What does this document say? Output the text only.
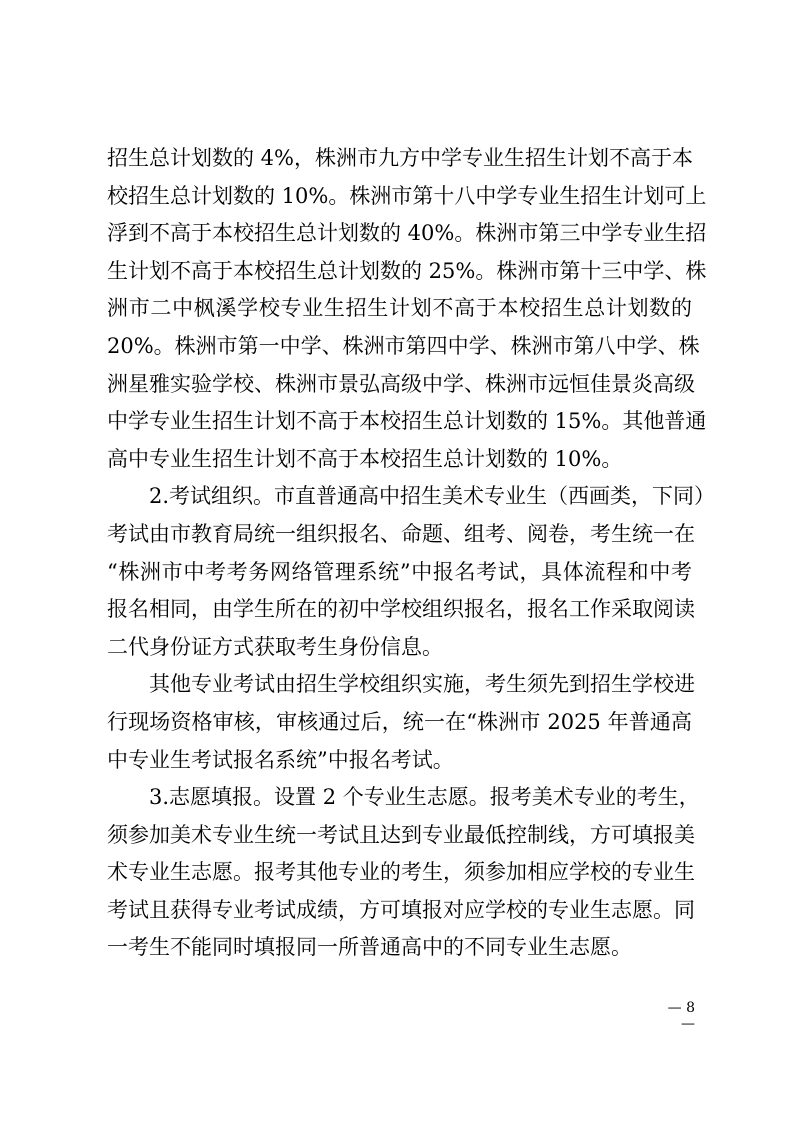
招生总计划数的 4%，株洲市九方中学专业生招生计划不高于本
校招生总计划数的 10%。株洲市第十八中学专业生招生计划可上
浮到不高于本校招生总计划数的 40%。株洲市第三中学专业生招
生计划不高于本校招生总计划数的 25%。株洲市第十三中学、株
洲市二中枫溪学校专业生招生计划不高于本校招生总计划数的
20%。株洲市第一中学、株洲市第四中学、株洲市第八中学、株
洲星雅实验学校、株洲市景弘高级中学、株洲市远恒佳景炎高级
中学专业生招生计划不高于本校招生总计划数的 15%。其他普通
高中专业生招生计划不高于本校招生总计划数的 10%。
　　2.考试组织。市直普通高中招生美术专业生（西画类，下同）
考试由市教育局统一组织报名、命题、组考、阅卷，考生统一在
“株洲市中考考务网络管理系统”中报名考试，具体流程和中考
报名相同，由学生所在的初中学校组织报名，报名工作采取阅读
二代身份证方式获取考生身份信息。
　　其他专业考试由招生学校组织实施，考生须先到招生学校进
行现场资格审核，审核通过后，统一在“株洲市 2025 年普通高
中专业生考试报名系统”中报名考试。
　　3.志愿填报。设置 2 个专业生志愿。报考美术专业的考生，
须参加美术专业生统一考试且达到专业最低控制线，方可填报美
术专业生志愿。报考其他专业的考生，须参加相应学校的专业生
考试且获得专业考试成绩，方可填报对应学校的专业生志愿。同
一考生不能同时填报同一所普通高中的不同专业生志愿。
— 8 —
